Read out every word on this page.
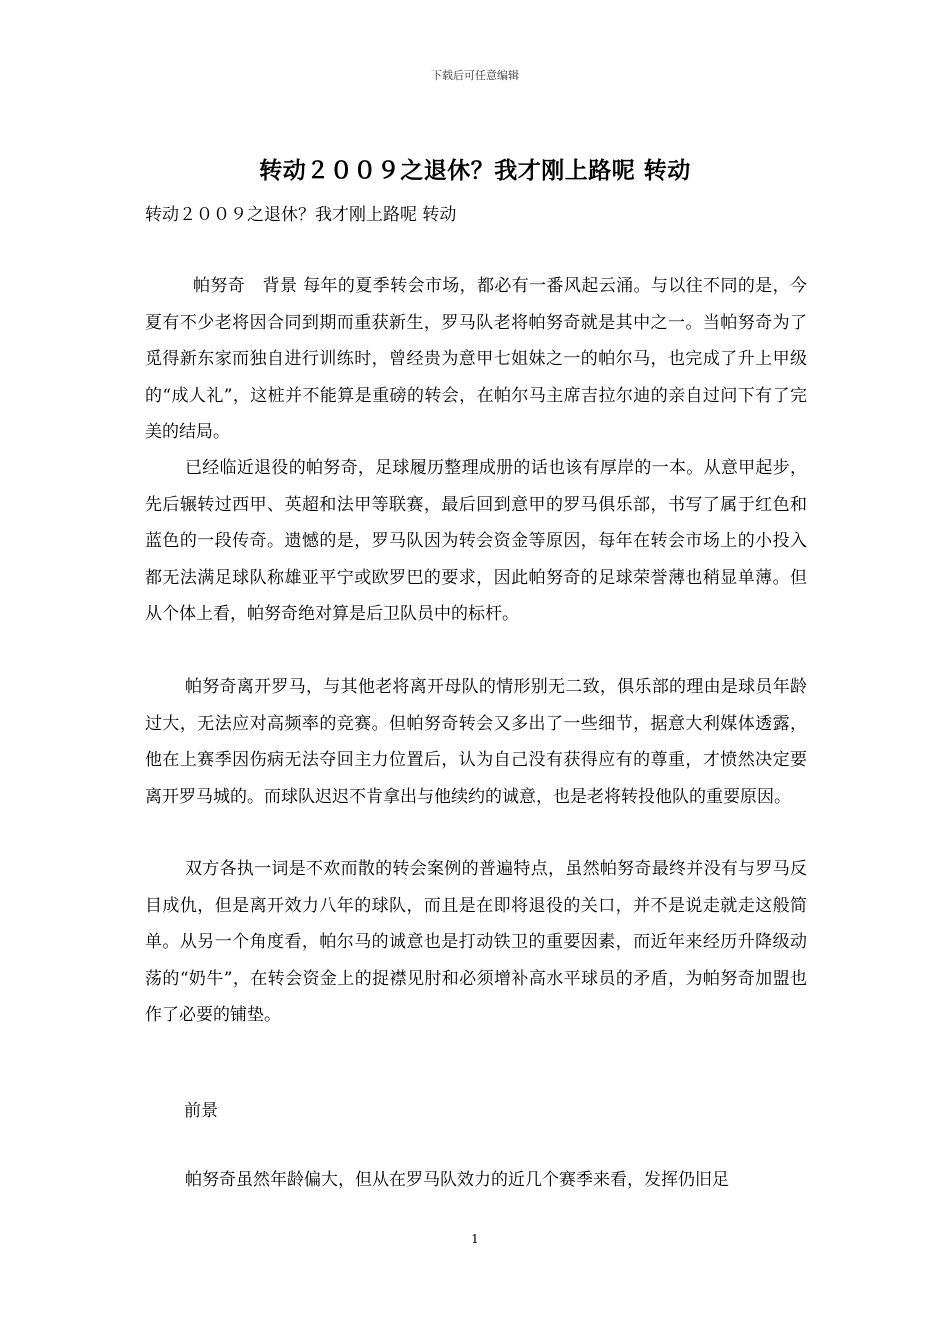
下载后可任意编辑
转动２００９之退休？我才刚上路呢 转动

转动２００９之退休？我才刚上路呢 转动

帕努奇　背景 每年的夏季转会市场，都必有一番风起云涌。与以往不同的是，今夏有不少老将因合同到期而重获新生，罗马队老将帕努奇就是其中之一。当帕努奇为了觅得新东家而独自进行训练时，曾经贵为意甲七姐妹之一的帕尔马，也完成了升上甲级的“成人礼”，这桩并不能算是重磅的转会，在帕尔马主席吉拉尔迪的亲自过问下有了完美的结局。

已经临近退役的帕努奇，足球履历整理成册的话也该有厚岸的一本。从意甲起步，先后辗转过西甲、英超和法甲等联赛，最后回到意甲的罗马俱乐部，书写了属于红色和蓝色的一段传奇。遗憾的是，罗马队因为转会资金等原因，每年在转会市场上的小投入都无法满足球队称雄亚平宁或欧罗巴的要求，因此帕努奇的足球荣誉薄也稍显单薄。但从个体上看，帕努奇绝对算是后卫队员中的标杆。

帕努奇离开罗马，与其他老将离开母队的情形别无二致，俱乐部的理由是球员年龄过大，无法应对高频率的竞赛。但帕努奇转会又多出了一些细节，据意大利媒体透露，他在上赛季因伤病无法夺回主力位置后，认为自己没有获得应有的尊重，才愤然决定要离开罗马城的。而球队迟迟不肯拿出与他续约的诚意，也是老将转投他队的重要原因。

双方各执一词是不欢而散的转会案例的普遍特点，虽然帕努奇最终并没有与罗马反目成仇，但是离开效力八年的球队，而且是在即将退役的关口，并不是说走就走这般简单。从另一个角度看，帕尔马的诚意也是打动铁卫的重要因素，而近年来经历升降级动荡的“奶牛”，在转会资金上的捉襟见肘和必须增补高水平球员的矛盾，为帕努奇加盟也作了必要的铺垫。

前景

帕努奇虽然年龄偏大，但从在罗马队效力的近几个赛季来看，发挥仍旧足

1
